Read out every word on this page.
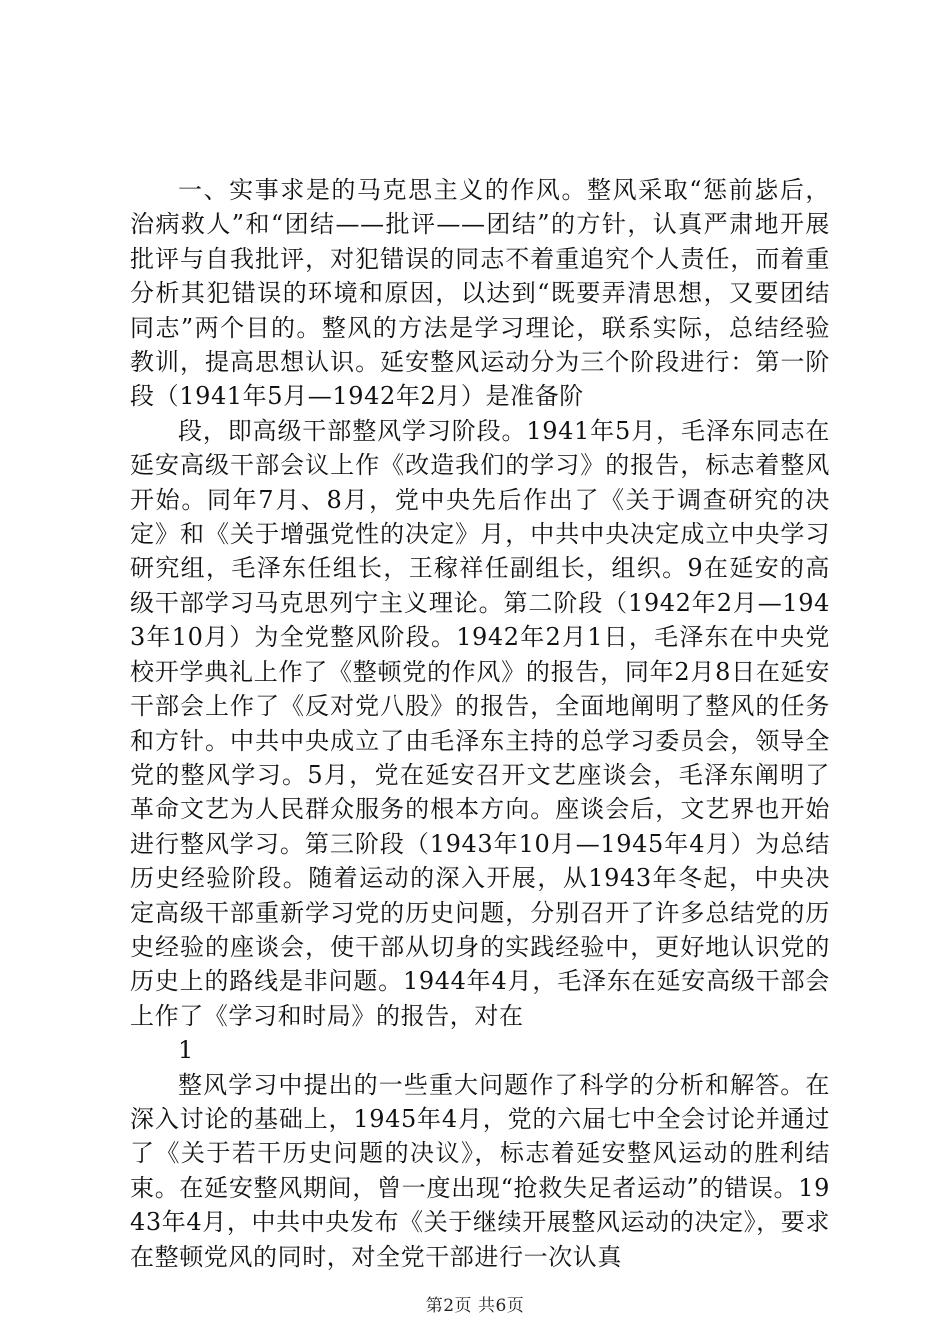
一、实事求是的马克思主义的作风。整风采取“惩前毖后，治病救人”和“团结——批评——团结”的方针，认真严肃地开展批评与自我批评，对犯错误的同志不着重追究个人责任，而着重分析其犯错误的环境和原因，以达到“既要弄清思想，又要团结同志”两个目的。整风的方法是学习理论，联系实际，总结经验教训，提高思想认识。延安整风运动分为三个阶段进行：第一阶段（1941年5月—1942年2月）是准备阶

段，即高级干部整风学习阶段。1941年5月，毛泽东同志在延安高级干部会议上作《改造我们的学习》的报告，标志着整风开始。同年7月、8月，党中央先后作出了《关于调查研究的决定》和《关于增强党性的决定》月，中共中央决定成立中央学习研究组，毛泽东任组长，王稼祥任副组长，组织。9在延安的高级干部学习马克思列宁主义理论。第二阶段（1942年2月—1943年10月）为全党整风阶段。1942年2月1日，毛泽东在中央党校开学典礼上作了《整顿党的作风》的报告，同年2月8日在延安干部会上作了《反对党八股》的报告，全面地阐明了整风的任务和方针。中共中央成立了由毛泽东主持的总学习委员会，领导全党的整风学习。5月，党在延安召开文艺座谈会，毛泽东阐明了革命文艺为人民群众服务的根本方向。座谈会后，文艺界也开始进行整风学习。第三阶段（1943年10月—1945年4月）为总结历史经验阶段。随着运动的深入开展，从1943年冬起，中央决定高级干部重新学习党的历史问题，分别召开了许多总结党的历史经验的座谈会，使干部从切身的实践经验中，更好地认识党的历史上的路线是非问题。1944年4月，毛泽东在延安高级干部会上作了《学习和时局》的报告，对在

1

整风学习中提出的一些重大问题作了科学的分析和解答。在深入讨论的基础上，1945年4月，党的六届七中全会讨论并通过了《关于若干历史问题的决议》，标志着延安整风运动的胜利结束。在延安整风期间，曾一度出现“抢救失足者运动”的错误。1943年4月，中共中央发布《关于继续开展整风运动的决定》，要求在整顿党风的同时，对全党干部进行一次认真

第2页 共6页
